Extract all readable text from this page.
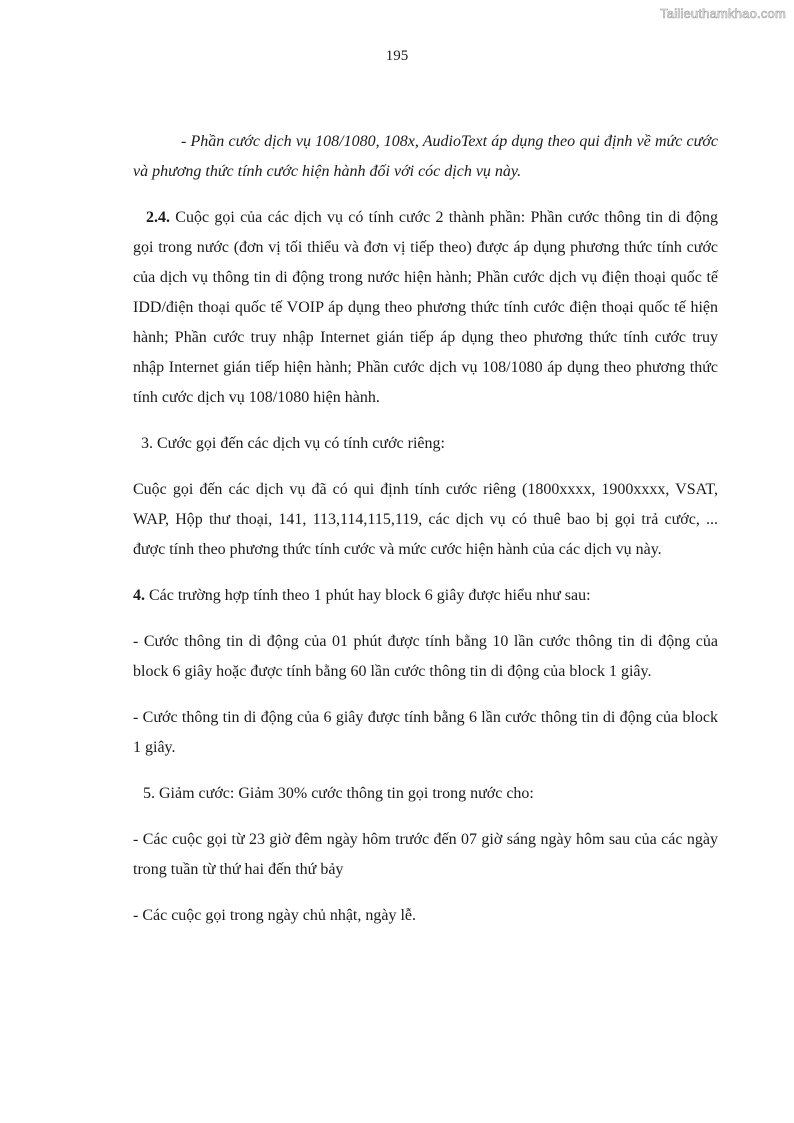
Tailieuthamkhao.com
195

- Phần cước dịch vụ 108/1080, 108x, AudioText áp dụng theo qui định về mức cước và phương thức tính cước hiện hành đối với cóc dịch vụ này.

2.4. Cuộc gọi của các dịch vụ có tính cước 2 thành phần: Phần cước thông tin di động gọi trong nước (đơn vị tối thiểu và đơn vị tiếp theo) được áp dụng phương thức tính cước của dịch vụ thông tin di động trong nước hiện hành; Phần cước dịch vụ điện thoại quốc tế IDD/điện thoại quốc tế VOIP áp dụng theo phương thức tính cước điện thoại quốc tế hiện hành; Phần cước truy nhập Internet gián tiếp áp dụng theo phương thức tính cước truy nhập Internet gián tiếp hiện hành; Phần cước dịch vụ 108/1080 áp dụng theo phương thức tính cước dịch vụ 108/1080 hiện hành.

3. Cước gọi đến các dịch vụ có tính cước riêng:

Cuộc gọi đến các dịch vụ đã có qui định tính cước riêng (1800xxxx, 1900xxxx, VSAT, WAP, Hộp thư thoại, 141, 113,114,115,119, các dịch vụ có thuê bao bị gọi trả cước, ... được tính theo phương thức tính cước và mức cước hiện hành của các dịch vụ này.

4. Các trường hợp tính theo 1 phút hay block 6 giây được hiểu như sau:

- Cước thông tin di động của 01 phút được tính bằng 10 lần cước thông tin di động của block 6 giây hoặc được tính bằng 60 lần cước thông tin di động của block 1 giây.

- Cước thông tin di động của 6 giây được tính bằng 6 lần cước thông tin di động của block 1 giây.

5. Giảm cước: Giảm 30% cước thông tin gọi trong nước cho:

- Các cuộc gọi từ 23 giờ đêm ngày hôm trước đến 07 giờ sáng ngày hôm sau của các ngày trong tuần từ thứ hai đến thứ bảy

- Các cuộc gọi trong ngày chủ nhật, ngày lễ.
